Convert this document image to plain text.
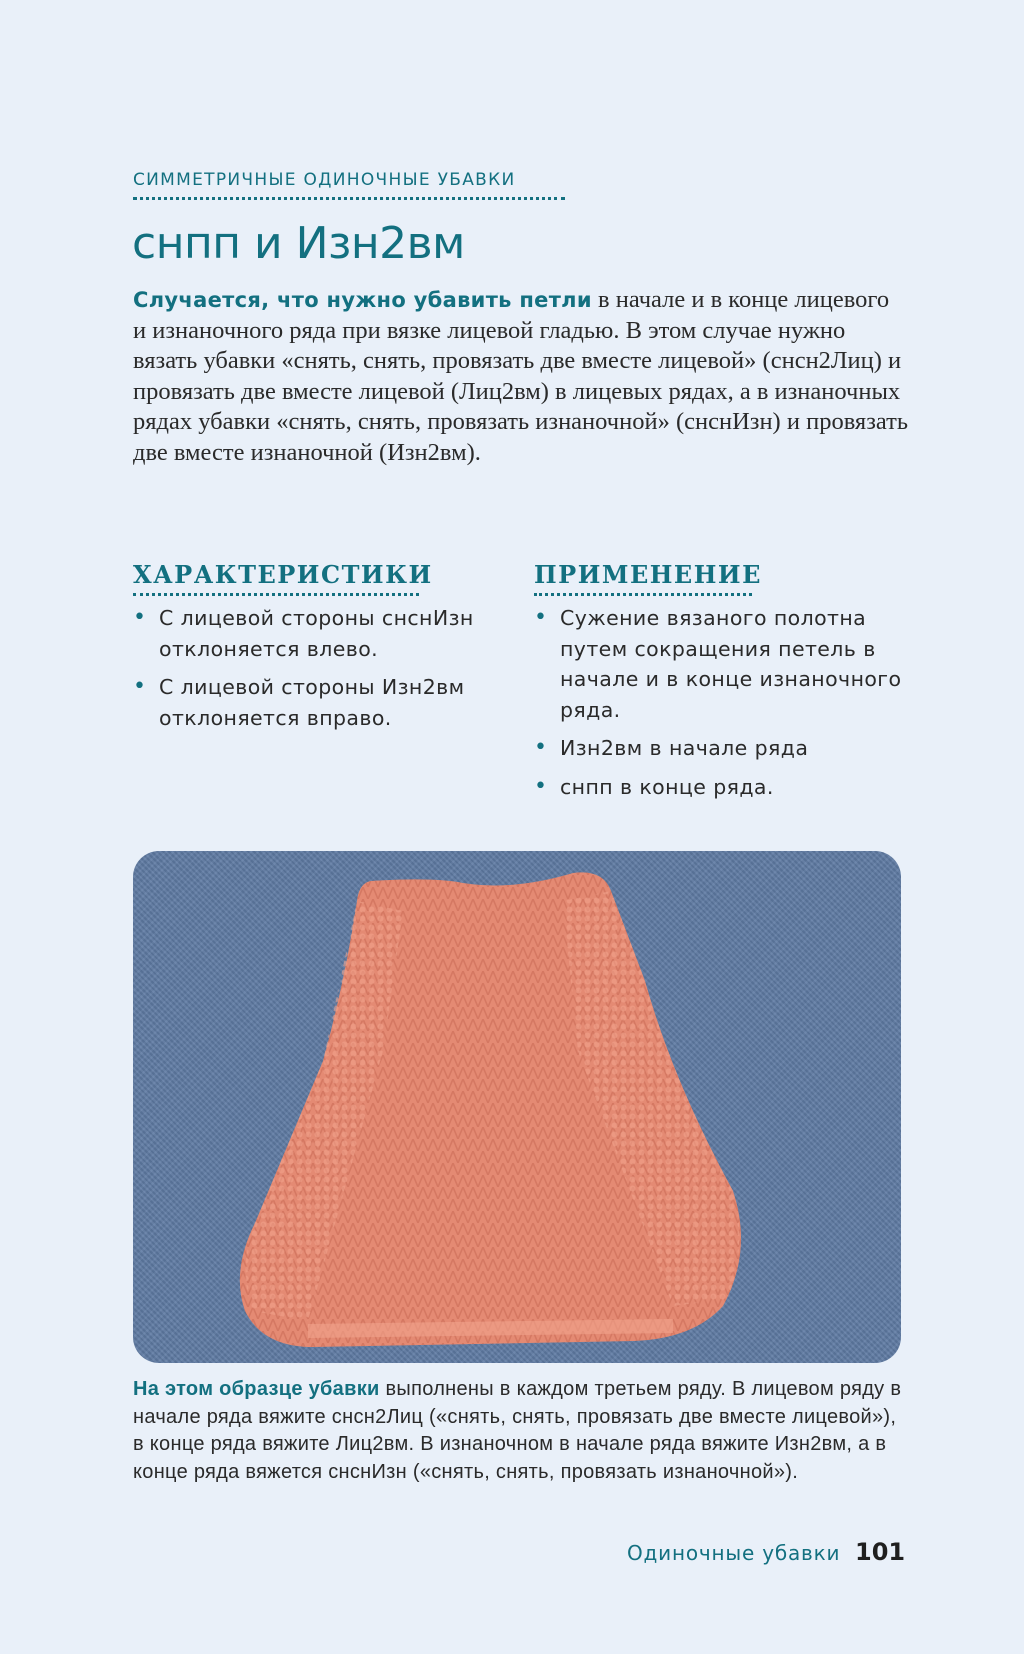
СИММЕТРИЧНЫЕ ОДИНОЧНЫЕ УБАВКИ
снпп и Изн2вм
Случается, что нужно убавить петли в начале и в конце лицевого и изнаночного ряда при вязке лицевой гладью. В этом случае нужно вязать убавки «снять, снять, провязать две вместе лицевой» (снсн2Лиц) и провязать две вместе лицевой (Лиц2вм) в лицевых рядах, а в изнаночных рядах убавки «снять, снять, провязать изнаночной» (снснИзн) и провязать две вместе изнаночной (Изн2вм).
ХАРАКТЕРИСТИКИ
• С лицевой стороны снснИзн отклоняется влево.
• С лицевой стороны Изн2вм отклоняется вправо.
ПРИМЕНЕНИЕ
• Сужение вязаного полотна путем сокращения петель в начале и в конце изнаночного ряда.
• Изн2вм в начале ряда
• снпп в конце ряда.
На этом образце убавки выполнены в каждом третьем ряду. В лицевом ряду в начале ряда вяжите снсн2Лиц («снять, снять, провязать две вместе лицевой»), в конце ряда вяжите Лиц2вм. В изнаночном в начале ряда вяжите Изн2вм, а в конце ряда вяжется снснИзн («снять, снять, провязать изнаночной»).
Одиночные убавки 101
